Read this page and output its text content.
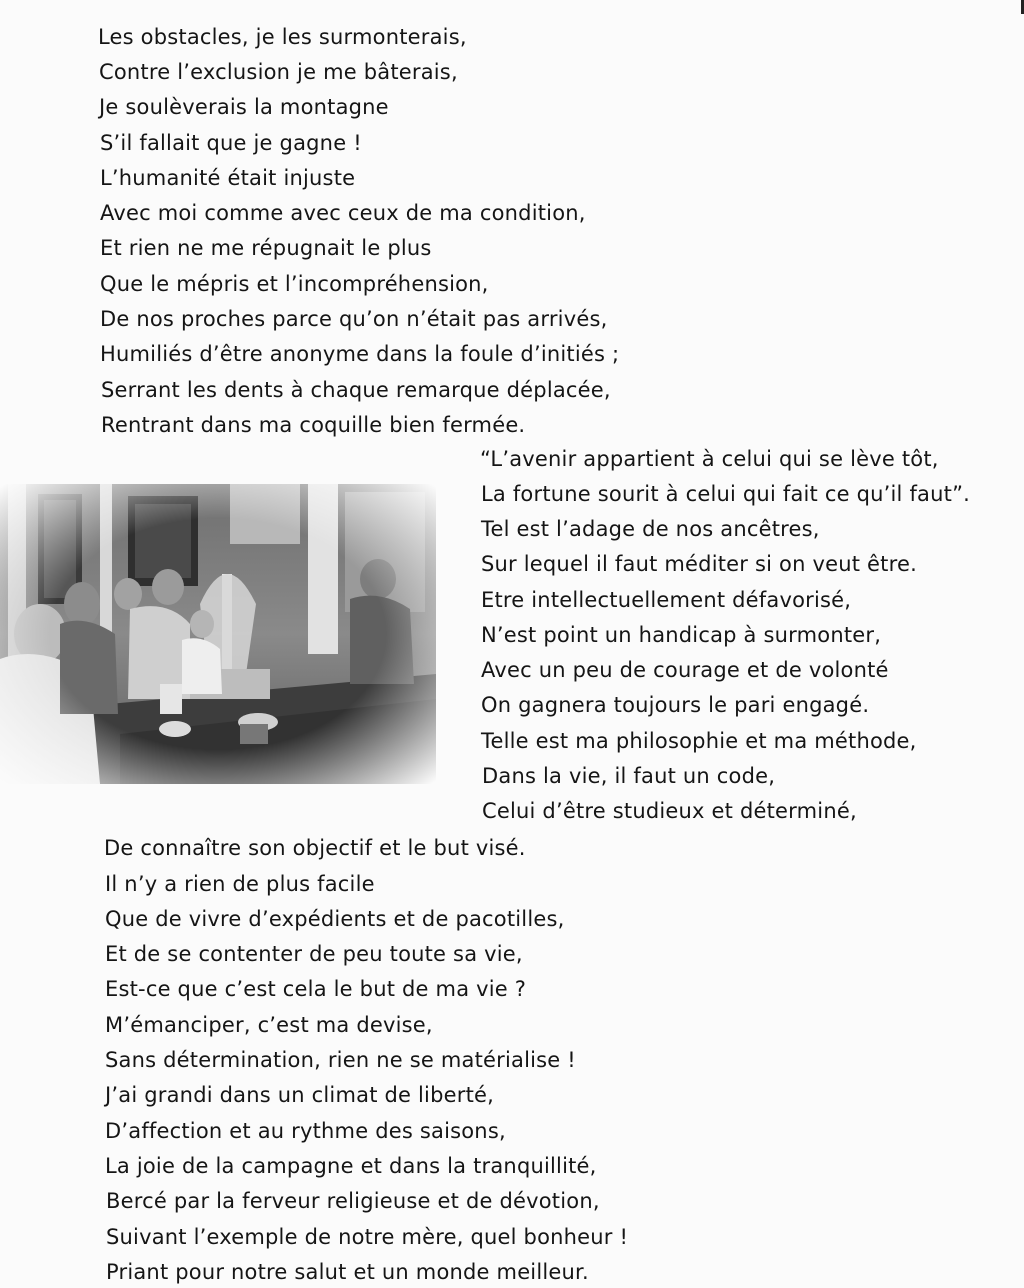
Les obstacles, je les surmonterais,
Contre l’exclusion je me bâterais,
Je soulèverais la montagne
S’il fallait que je gagne !
L’humanité était injuste
Avec moi comme avec ceux de ma condition,
Et rien ne me répugnait le plus
Que le mépris et l’incompréhension,
De nos proches parce qu’on n’était pas arrivés,
Humiliés d’être anonyme dans la foule d’initiés ;
Serrant les dents à chaque remarque déplacée,
Rentrant dans ma coquille bien fermée.
“L’avenir appartient à celui qui se lève tôt,
La fortune sourit à celui qui fait ce qu’il faut”.
Tel est l’adage de nos ancêtres,
Sur lequel il faut méditer si on veut être.
Etre intellectuellement défavorisé,
N’est point un handicap à surmonter,
Avec un peu de courage et de volonté
On gagnera toujours le pari engagé.
Telle est ma philosophie et ma méthode,
Dans la vie, il faut un code,
Celui d’être studieux et déterminé,
De connaître son objectif et le but visé.
Il n’y a rien de plus facile
Que de vivre d’expédients et de pacotilles,
Et de se contenter de peu toute sa vie,
Est-ce que c’est cela le but de ma vie ?
M’émanciper, c’est ma devise,
Sans détermination, rien ne se matérialise !
J’ai grandi dans un climat de liberté,
D’affection et au rythme des saisons,
La joie de la campagne et dans la tranquillité,
Bercé par la ferveur religieuse et de dévotion,
Suivant l’exemple de notre mère, quel bonheur !
Priant pour notre salut et un monde meilleur.
